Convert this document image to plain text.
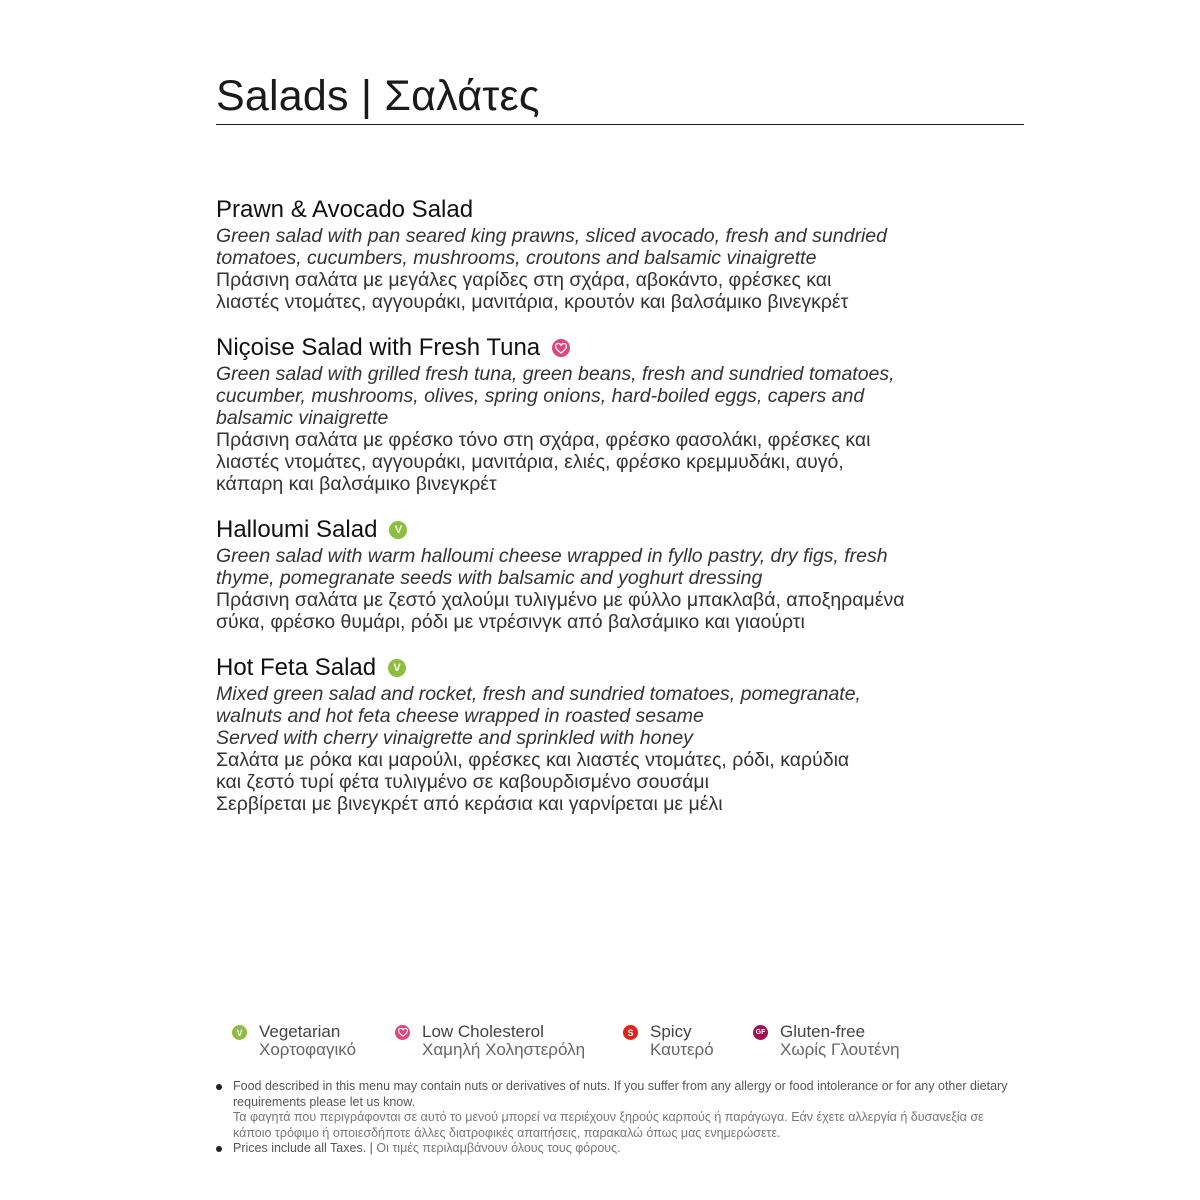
Salads | Σαλάτες
Prawn & Avocado Salad
Green salad with pan seared king prawns, sliced avocado, fresh and sundried
tomatoes, cucumbers, mushrooms, croutons and balsamic vinaigrette
Πράσινη σαλάτα με μεγάλες γαρίδες στη σχάρα, αβοκάντο, φρέσκες και
λιαστές ντομάτες, αγγουράκι, μανιτάρια, κρουτόν και βαλσάμικο βινεγκρέτ
Niçoise Salad with Fresh Tuna
Green salad with grilled fresh tuna, green beans, fresh and sundried tomatoes,
cucumber, mushrooms, olives, spring onions, hard-boiled eggs, capers and
balsamic vinaigrette
Πράσινη σαλάτα με φρέσκο τόνο στη σχάρα, φρέσκο φασολάκι, φρέσκες και
λιαστές ντομάτες, αγγουράκι, μανιτάρια, ελιές, φρέσκο κρεμμυδάκι, αυγό,
κάπαρη και βαλσάμικο βινεγκρέτ
Halloumi Salad	V
Green salad with warm halloumi cheese wrapped in fyllo pastry, dry figs, fresh
thyme, pomegranate seeds with balsamic and yoghurt dressing
Πράσινη σαλάτα με ζεστό χαλούμι τυλιγμένο με φύλλο μπακλαβά, αποξηραμένα
σύκα, φρέσκο θυμάρι, ρόδι με ντρέσινγκ από βαλσάμικο και γιαούρτι
Hot Feta Salad	V
Mixed green salad and rocket, fresh and sundried tomatoes, pomegranate,
walnuts and hot feta cheese wrapped in roasted sesame
Served with cherry vinaigrette and sprinkled with honey
Σαλάτα με ρόκα και μαρούλι, φρέσκες και λιαστές ντομάτες, ρόδι, καρύδια
και ζεστό τυρί φέτα τυλιγμένο σε καβουρδισμένο σουσάμι
Σερβίρεται με βινεγκρέτ από κεράσια και γαρνίρεται με μέλι
V Vegetarian
Χορτοφαγικό
Low Cholesterol
Χαμηλή Χοληστερόλη
S Spicy
Καυτερό
GF Gluten-free
Χωρίς Γλουτένη
Food described in this menu may contain nuts or derivatives of nuts. If you suffer from any allergy or food intolerance or for any other dietary requirements please let us know.
Τα φαγητά που περιγράφονται σε αυτό το μενού μπορεί να περιέχουν ξηρούς καρπούς ή παράγωγα. Εάν έχετε αλλεργία ή δυσανεξία σε κάποιο τρόφιμο ή οποιεσδήποτε άλλες διατροφικές απαιτήσεις, παρακαλώ όπως μας ενημερώσετε.
Prices include all Taxes. | Οι τιμές περιλαμβάνουν όλους τους φόρους.
